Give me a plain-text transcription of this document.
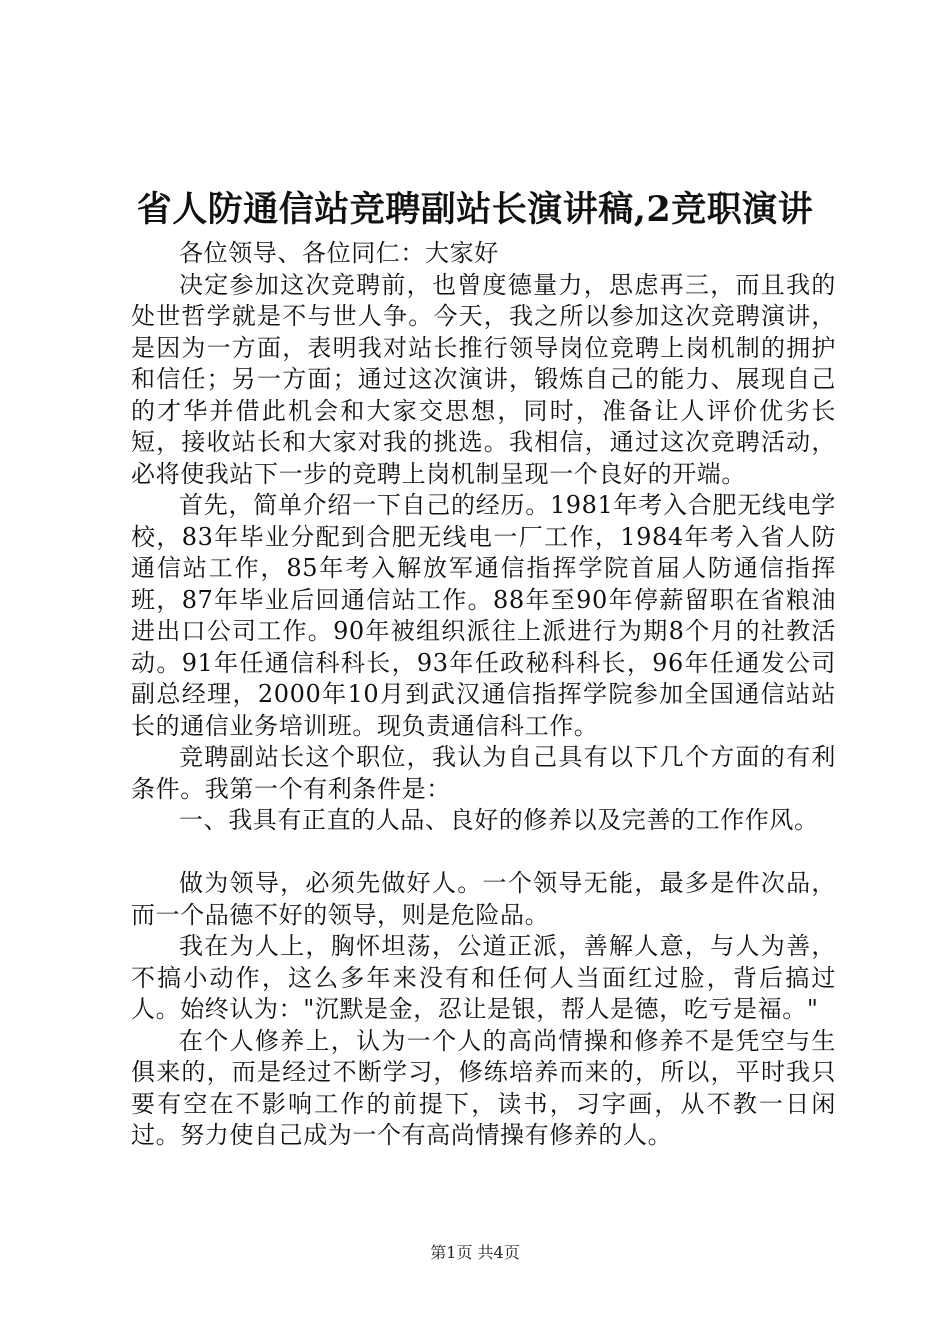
省人防通信站竞聘副站长演讲稿,2竞职演讲

各位领导、各位同仁：大家好

决定参加这次竞聘前，也曾度德量力，思虑再三，而且我的处世哲学就是不与世人争。今天，我之所以参加这次竞聘演讲，是因为一方面，表明我对站长推行领导岗位竞聘上岗机制的拥护和信任；另一方面；通过这次演讲，锻炼自己的能力、展现自己的才华并借此机会和大家交思想，同时，准备让人评价优劣长短，接收站长和大家对我的挑选。我相信，通过这次竞聘活动，必将使我站下一步的竞聘上岗机制呈现一个良好的开端。

首先，简单介绍一下自己的经历。1981年考入合肥无线电学校，83年毕业分配到合肥无线电一厂工作，1984年考入省人防通信站工作，85年考入解放军通信指挥学院首届人防通信指挥班，87年毕业后回通信站工作。88年至90年停薪留职在省粮油进出口公司工作。90年被组织派往上派进行为期8个月的社教活动。91年任通信科科长，93年任政秘科科长，96年任通发公司副总经理，2000年10月到武汉通信指挥学院参加全国通信站站长的通信业务培训班。现负责通信科工作。

竞聘副站长这个职位，我认为自己具有以下几个方面的有利条件。我第一个有利条件是：

一、我具有正直的人品、良好的修养以及完善的工作作风。

做为领导，必须先做好人。一个领导无能，最多是件次品，而一个品德不好的领导，则是危险品。

我在为人上，胸怀坦荡，公道正派，善解人意，与人为善，不搞小动作，这么多年来没有和任何人当面红过脸，背后搞过人。始终认为："沉默是金，忍让是银，帮人是德，吃亏是福。"

在个人修养上，认为一个人的高尚情操和修养不是凭空与生俱来的，而是经过不断学习，修练培养而来的，所以，平时我只要有空在不影响工作的前提下，读书，习字画，从不教一日闲过。努力使自己成为一个有高尚情操有修养的人。

第1页 共4页
